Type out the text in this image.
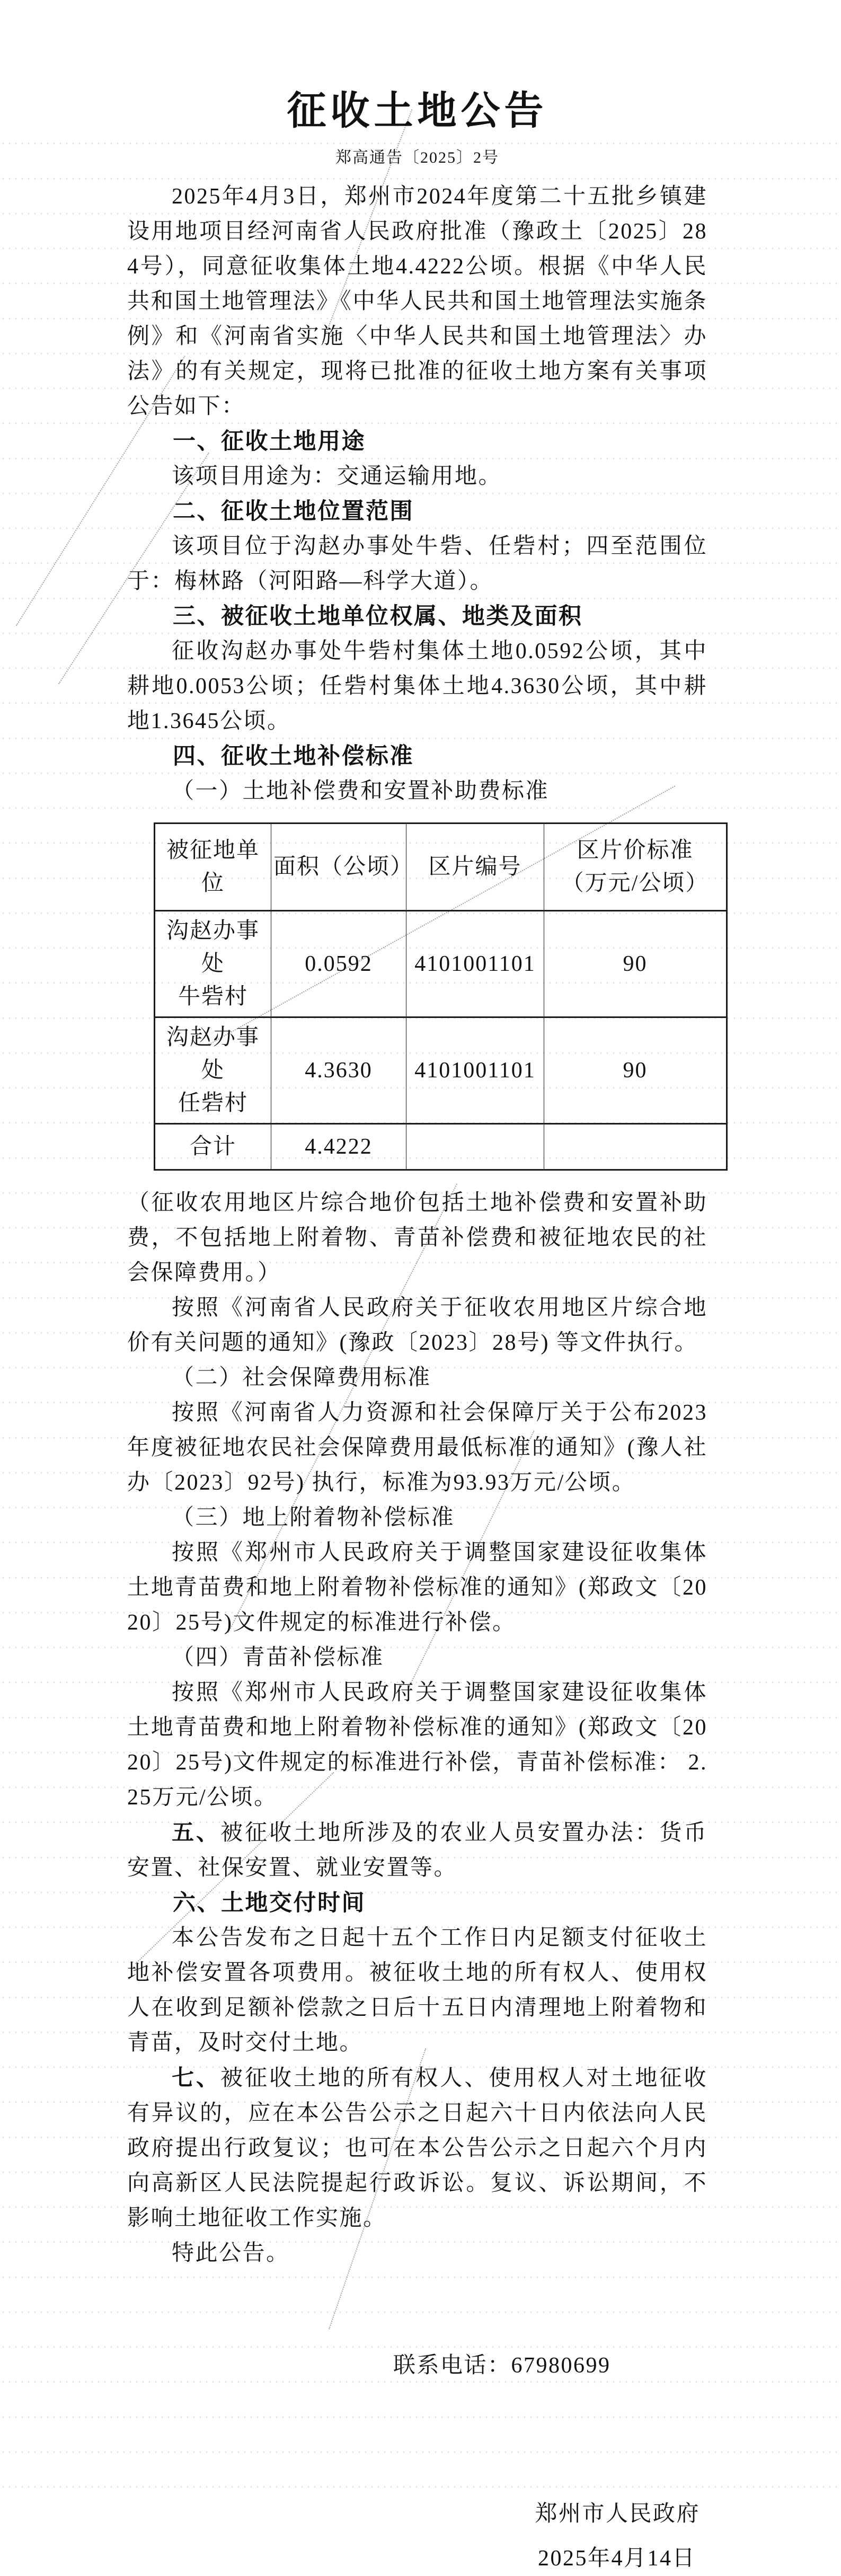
征收土地公告
郑高通告〔2025〕2号

2025年4月3日，郑州市2024年度第二十五批乡镇建设用地项目经河南省人民政府批准（豫政土〔2025〕284号），同意征收集体土地4.4222公顷。根据《中华人民共和国土地管理法》《中华人民共和国土地管理法实施条例》和《河南省实施〈中华人民共和国土地管理法〉办法》的有关规定，现将已批准的征收土地方案有关事项公告如下：

一、征收土地用途

该项目用途为：交通运输用地。

二、征收土地位置范围

该项目位于沟赵办事处牛砦、任砦村；四至范围位于：梅林路（河阳路—科学大道）。

三、被征收土地单位权属、地类及面积

征收沟赵办事处牛砦村集体土地0.0592公顷，其中耕地0.0053公顷；任砦村集体土地4.3630公顷，其中耕地1.3645公顷。

四、征收土地补偿标准

（一）土地补偿费和安置补助费标准

被征地单位	面积（公顷）	区片编号	区片价标准
（万元/公顷）

沟赵办事处
牛砦村	0.0592	4101001101	90

沟赵办事处
任砦村	4.3630	4101001101	90

合计	4.4222		

（征收农用地区片综合地价包括土地补偿费和安置补助费，不包括地上附着物、青苗补偿费和被征地农民的社会保障费用。）

按照《河南省人民政府关于征收农用地区片综合地价有关问题的通知》(豫政〔2023〕28号) 等文件执行。

（二）社会保障费用标准

按照《河南省人力资源和社会保障厅关于公布2023年度被征地农民社会保障费用最低标准的通知》(豫人社办〔2023〕92号) 执行，标准为93.93万元/公顷。

（三）地上附着物补偿标准

按照《郑州市人民政府关于调整国家建设征收集体土地青苗费和地上附着物补偿标准的通知》(郑政文〔2020〕25号)文件规定的标准进行补偿。

（四）青苗补偿标准

按照《郑州市人民政府关于调整国家建设征收集体土地青苗费和地上附着物补偿标准的通知》(郑政文〔2020〕25号)文件规定的标准进行补偿，青苗补偿标准： 2.25万元/公顷。

五、被征收土地所涉及的农业人员安置办法：货币安置、社保安置、就业安置等。

六、土地交付时间

本公告发布之日起十五个工作日内足额支付征收土地补偿安置各项费用。被征收土地的所有权人、使用权人在收到足额补偿款之日后十五日内清理地上附着物和青苗，及时交付土地。

七、被征收土地的所有权人、使用权人对土地征收有异议的，应在本公告公示之日起六十日内依法向人民政府提出行政复议；也可在本公告公示之日起六个月内向高新区人民法院提起行政诉讼。复议、诉讼期间，不影响土地征收工作实施。

特此公告。

联系电话：67980699

郑州市人民政府

2025年4月14日
